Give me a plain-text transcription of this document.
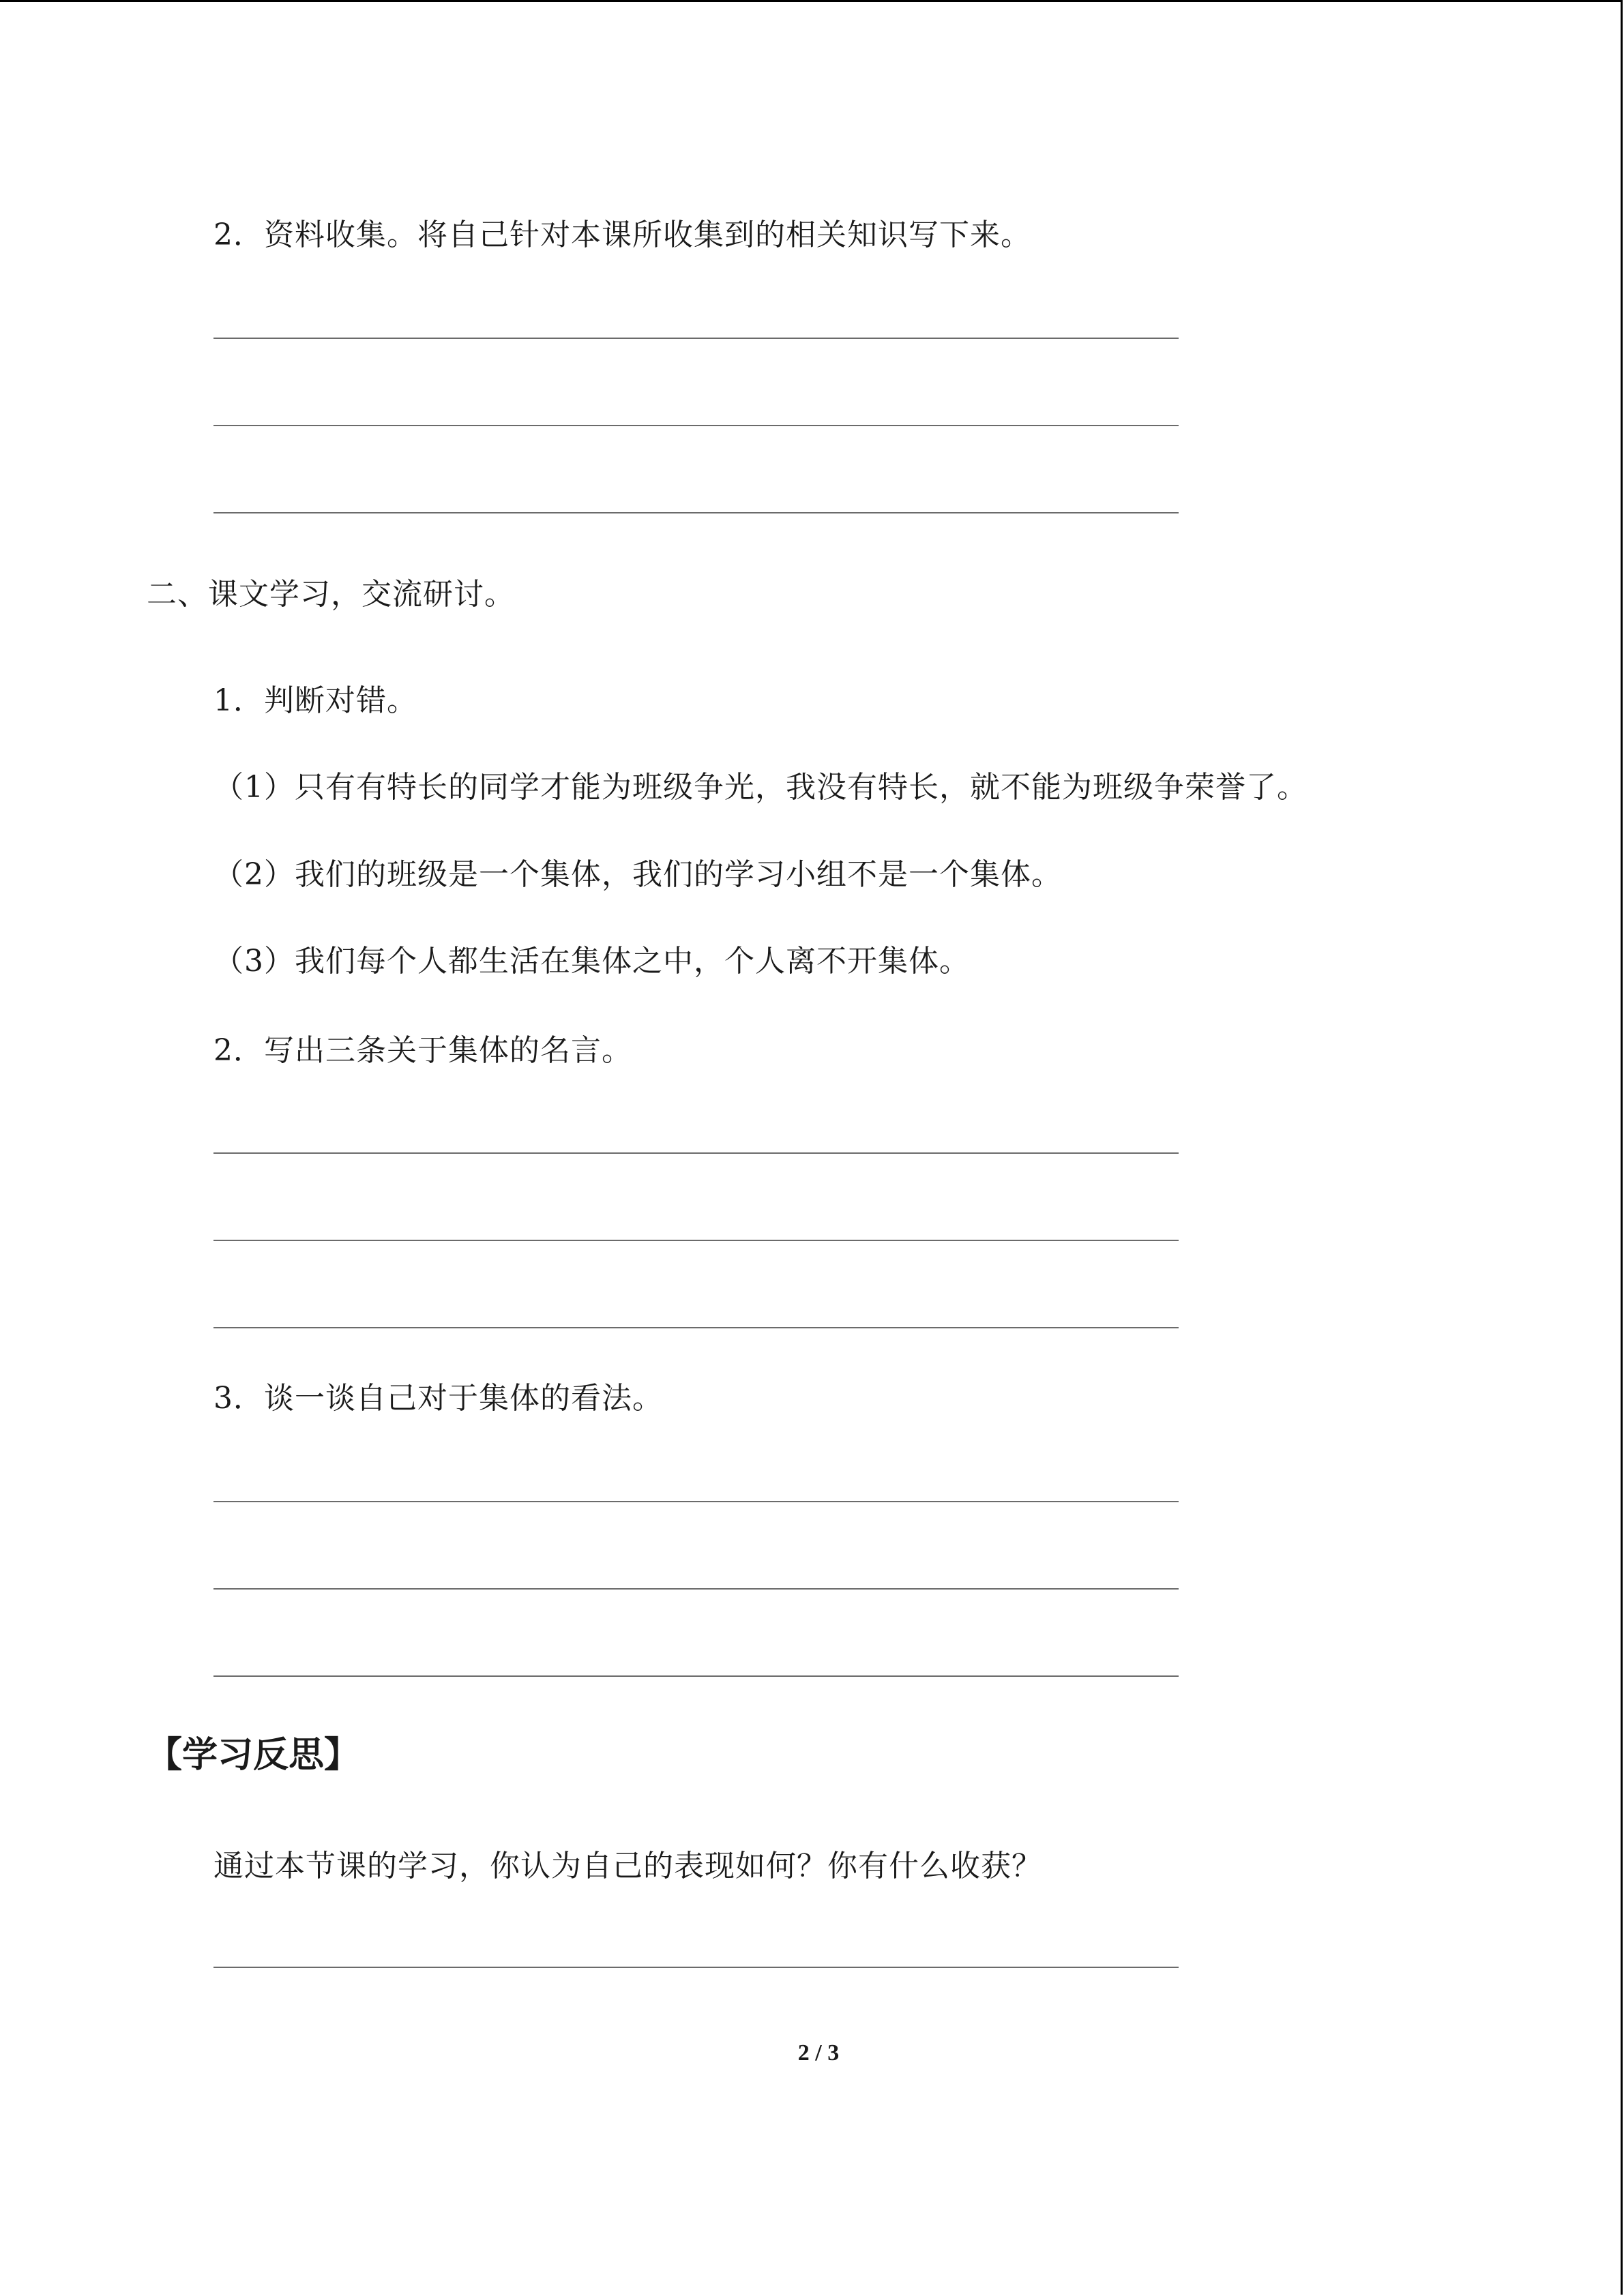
2．资料收集。将自己针对本课所收集到的相关知识写下来。
二、课文学习，交流研讨。
1．判断对错。
（1）只有有特长的同学才能为班级争光，我没有特长，就不能为班级争荣誉了。
（2）我们的班级是一个集体，我们的学习小组不是一个集体。
（3）我们每个人都生活在集体之中，个人离不开集体。
2．写出三条关于集体的名言。
3．谈一谈自己对于集体的看法。
【学习反思】
通过本节课的学习，你认为自己的表现如何？你有什么收获？
2 / 3
